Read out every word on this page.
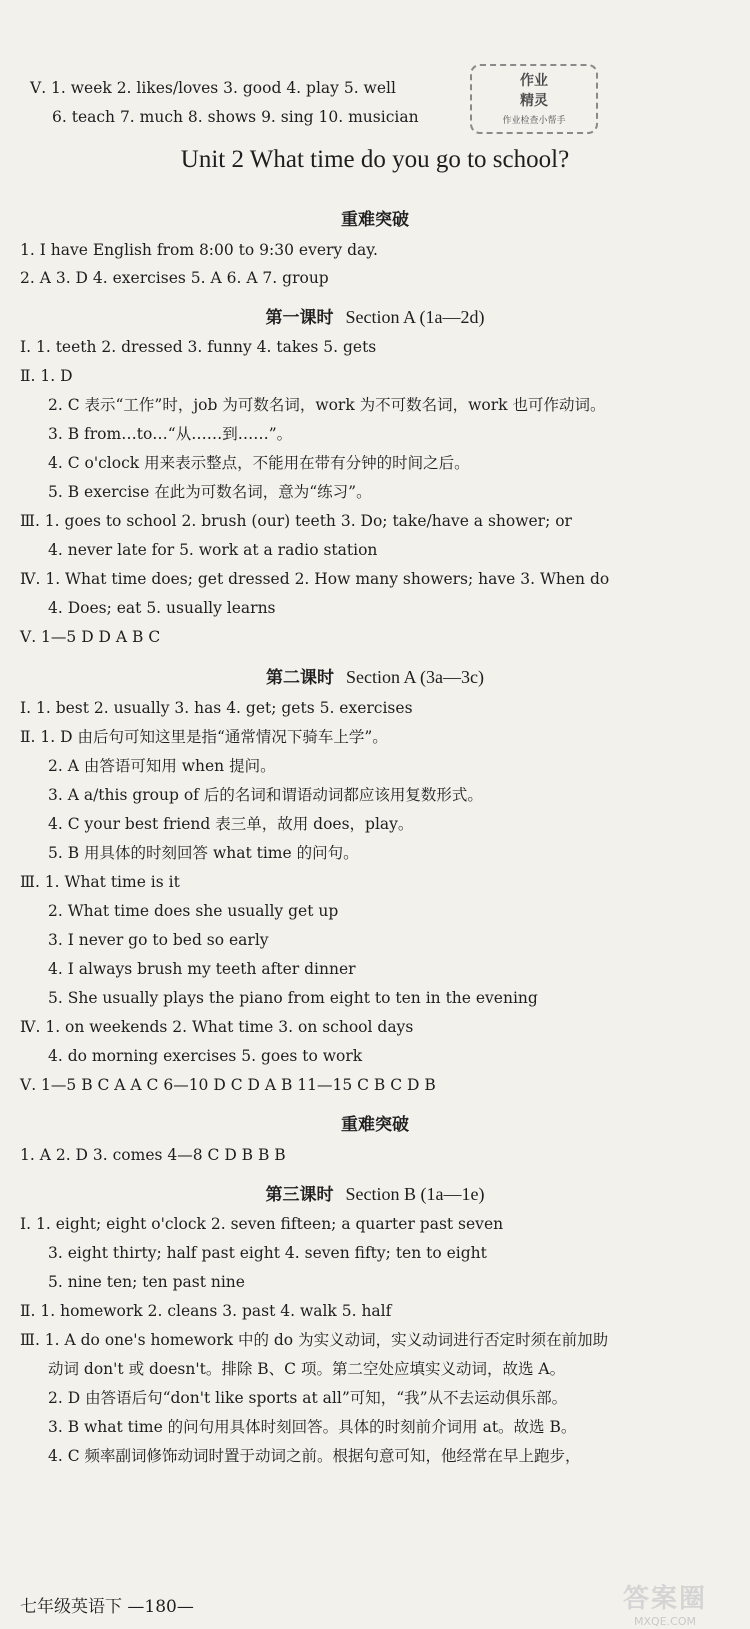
作业
精灵
作业检查小帮手
Ⅴ. 1. week 2. likes/loves 3. good 4. play 5. well
6. teach 7. much 8. shows 9. sing 10. musician
Unit 2 What time do you go to school?
重难突破
1. I have English from 8:00 to 9:30 every day.
2. A 3. D 4. exercises 5. A 6. A 7. group
第一课时 Section A (1a—2d)
Ⅰ. 1. teeth 2. dressed 3. funny 4. takes 5. gets
Ⅱ. 1. D
2. C 表示“工作”时，job 为可数名词，work 为不可数名词，work 也可作动词。
3. B from…to…“从……到……”。
4. C o'clock 用来表示整点，不能用在带有分钟的时间之后。
5. B exercise 在此为可数名词，意为“练习”。
Ⅲ. 1. goes to school 2. brush (our) teeth 3. Do; take/have a shower; or
4. never late for 5. work at a radio station
Ⅳ. 1. What time does; get dressed 2. How many showers; have 3. When do
4. Does; eat 5. usually learns
Ⅴ. 1—5 D D A B C
第二课时 Section A (3a—3c)
Ⅰ. 1. best 2. usually 3. has 4. get; gets 5. exercises
Ⅱ. 1. D 由后句可知这里是指“通常情况下骑车上学”。
2. A 由答语可知用 when 提问。
3. A a/this group of 后的名词和谓语动词都应该用复数形式。
4. C your best friend 表三单，故用 does，play。
5. B 用具体的时刻回答 what time 的问句。
Ⅲ. 1. What time is it
2. What time does she usually get up
3. I never go to bed so early
4. I always brush my teeth after dinner
5. She usually plays the piano from eight to ten in the evening
Ⅳ. 1. on weekends 2. What time 3. on school days
4. do morning exercises 5. goes to work
Ⅴ. 1—5 B C A A C 6—10 D C D A B 11—15 C B C D B
重难突破
1. A 2. D 3. comes 4—8 C D B B B
第三课时 Section B (1a—1e)
Ⅰ. 1. eight; eight o'clock 2. seven fifteen; a quarter past seven
3. eight thirty; half past eight 4. seven fifty; ten to eight
5. nine ten; ten past nine
Ⅱ. 1. homework 2. cleans 3. past 4. walk 5. half
Ⅲ. 1. A do one's homework 中的 do 为实义动词，实义动词进行否定时须在前加助
动词 don't 或 doesn't。排除 B、C 项。第二空处应填实义动词，故选 A。
2. D 由答语后句“don't like sports at all”可知，“我”从不去运动俱乐部。
3. B what time 的问句用具体时刻回答。具体的时刻前介词用 at。故选 B。
4. C 频率副词修饰动词时置于动词之前。根据句意可知，他经常在早上跑步，
七年级英语下 —180—	答案圈
MXQE.COM
